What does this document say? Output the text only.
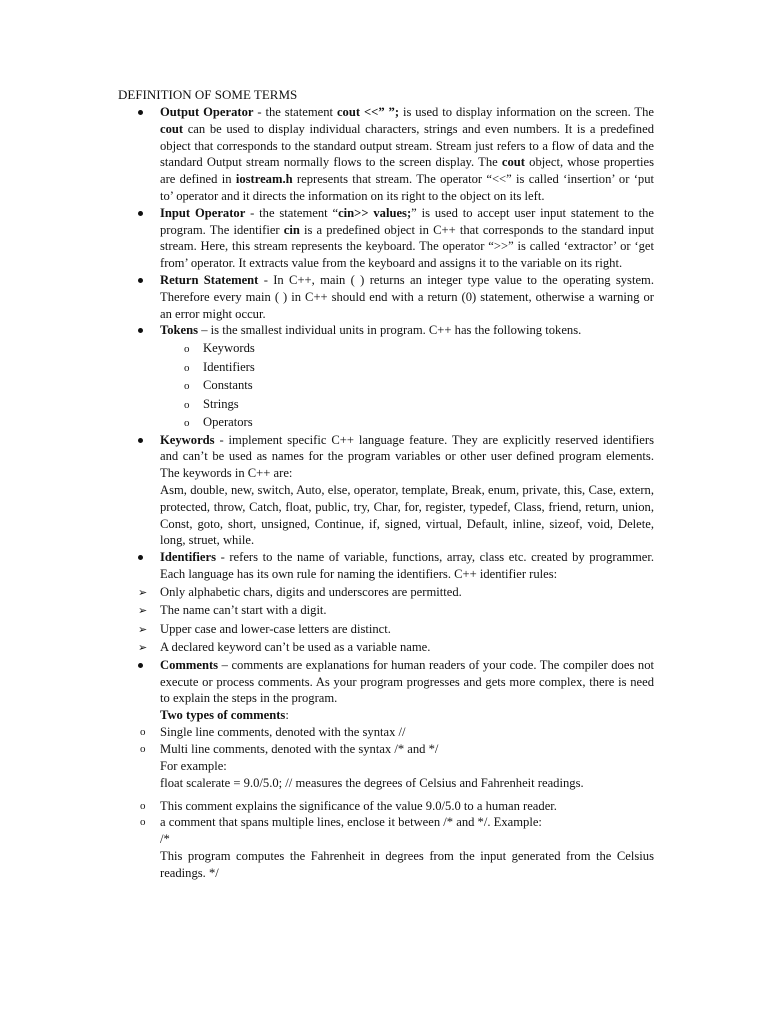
DEFINITION OF SOME TERMS
Output Operator - the statement cout <<” ”; is used to display information on the screen. The cout can be used to display individual characters, strings and even numbers. It is a predefined object that corresponds to the standard output stream. Stream just refers to a flow of data and the standard Output stream normally flows to the screen display. The cout object, whose properties are defined in iostream.h represents that stream. The operator “<<” is called ‘insertion’ or ‘put to’ operator and it directs the information on its right to the object on its left.
Input Operator - the statement “cin>> values;” is used to accept user input statement to the program. The identifier cin is a predefined object in C++ that corresponds to the standard input stream. Here, this stream represents the keyboard. The operator “>>” is called ‘extractor’ or ‘get from’ operator. It extracts value from the keyboard and assigns it to the variable on its right.
Return Statement - In C++, main ( ) returns an integer type value to the operating system. Therefore every main ( ) in C++ should end with a return (0) statement, otherwise a warning or an error might occur.
Tokens – is the smallest individual units in program. C++ has the following tokens.
o Keywords
o Identifiers
o Constants
o Strings
o Operators
Keywords - implement specific C++ language feature. They are explicitly reserved identifiers and can’t be used as names for the program variables or other user defined program elements. The keywords in C++ are:
Asm, double, new, switch, Auto, else, operator, template, Break, enum, private, this, Case, extern, protected, throw, Catch, float, public, try, Char, for, register, typedef, Class, friend, return, union, Const, goto, short, unsigned, Continue, if, signed, virtual, Default, inline, sizeof, void, Delete, long, struet, while.
Identifiers - refers to the name of variable, functions, array, class etc. created by programmer. Each language has its own rule for naming the identifiers. C++ identifier rules:
➢ Only alphabetic chars, digits and underscores are permitted.
➢ The name can’t start with a digit.
➢ Upper case and lower-case letters are distinct.
➢ A declared keyword can’t be used as a variable name.
Comments – comments are explanations for human readers of your code. The compiler does not execute or process comments. As your program progresses and gets more complex, there is need to explain the steps in the program.
Two types of comments:
o Single line comments, denoted with the syntax //
o Multi line comments, denoted with the syntax /* and */
For example:
float scalerate = 9.0/5.0; // measures the degrees of Celsius and Fahrenheit readings.
o This comment explains the significance of the value 9.0/5.0 to a human reader.
o a comment that spans multiple lines, enclose it between /* and */. Example:
/*
This program computes the Fahrenheit in degrees from the input generated from the Celsius readings. */
